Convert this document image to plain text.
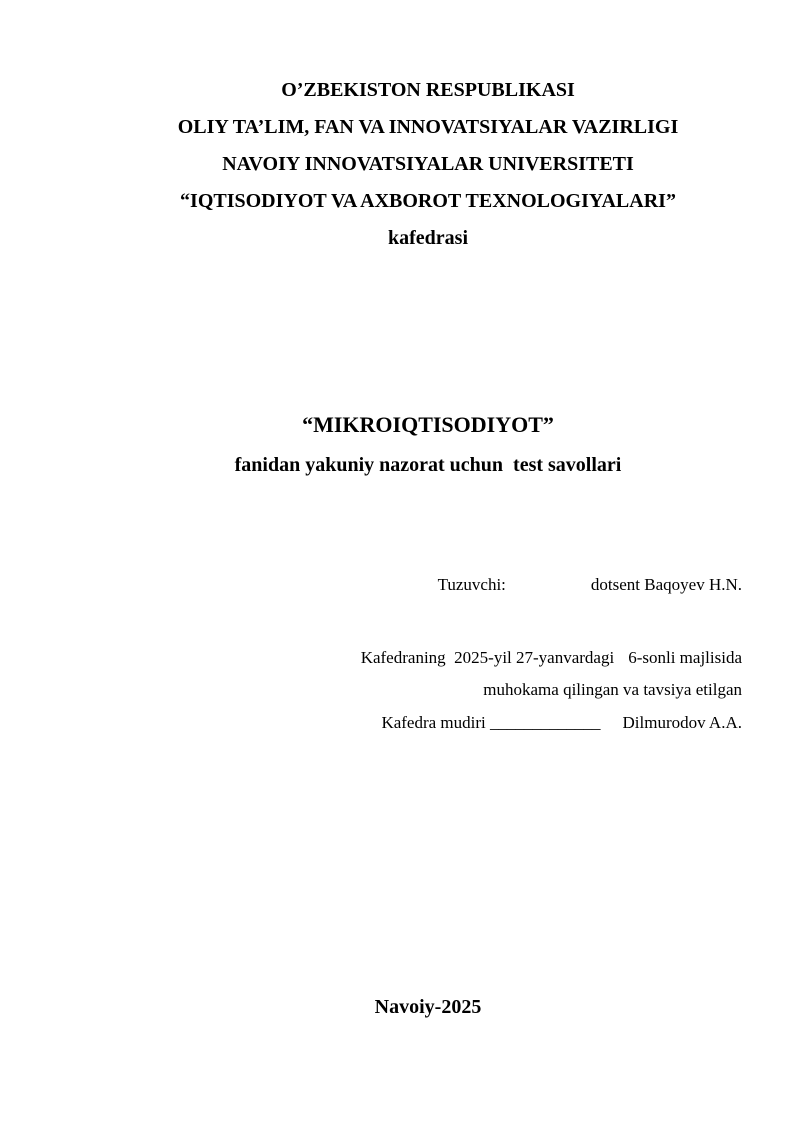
O’ZBEKISTON RESPUBLIKASI
OLIY TA’LIM, FAN VA INNOVATSIYALAR VAZIRLIGI
NAVOIY INNOVATSIYALAR UNIVERSITETI
“IQTISODIYOT VA AXBOROT TEXNOLOGIYALARI”
kafedrasi
“MIKROIQTISODIYOT”
fanidan yakuniy nazorat uchun  test savollari
Tuzuvchi:	dotsent Baqoyev H.N.
Kafedraning  2025-yil 27-yanvardagi 6-sonli majlisida
muhokama qilingan va tavsiya etilgan
Kafedra mudiri _____________ Dilmurodov A.A.
Navoiy-2025
